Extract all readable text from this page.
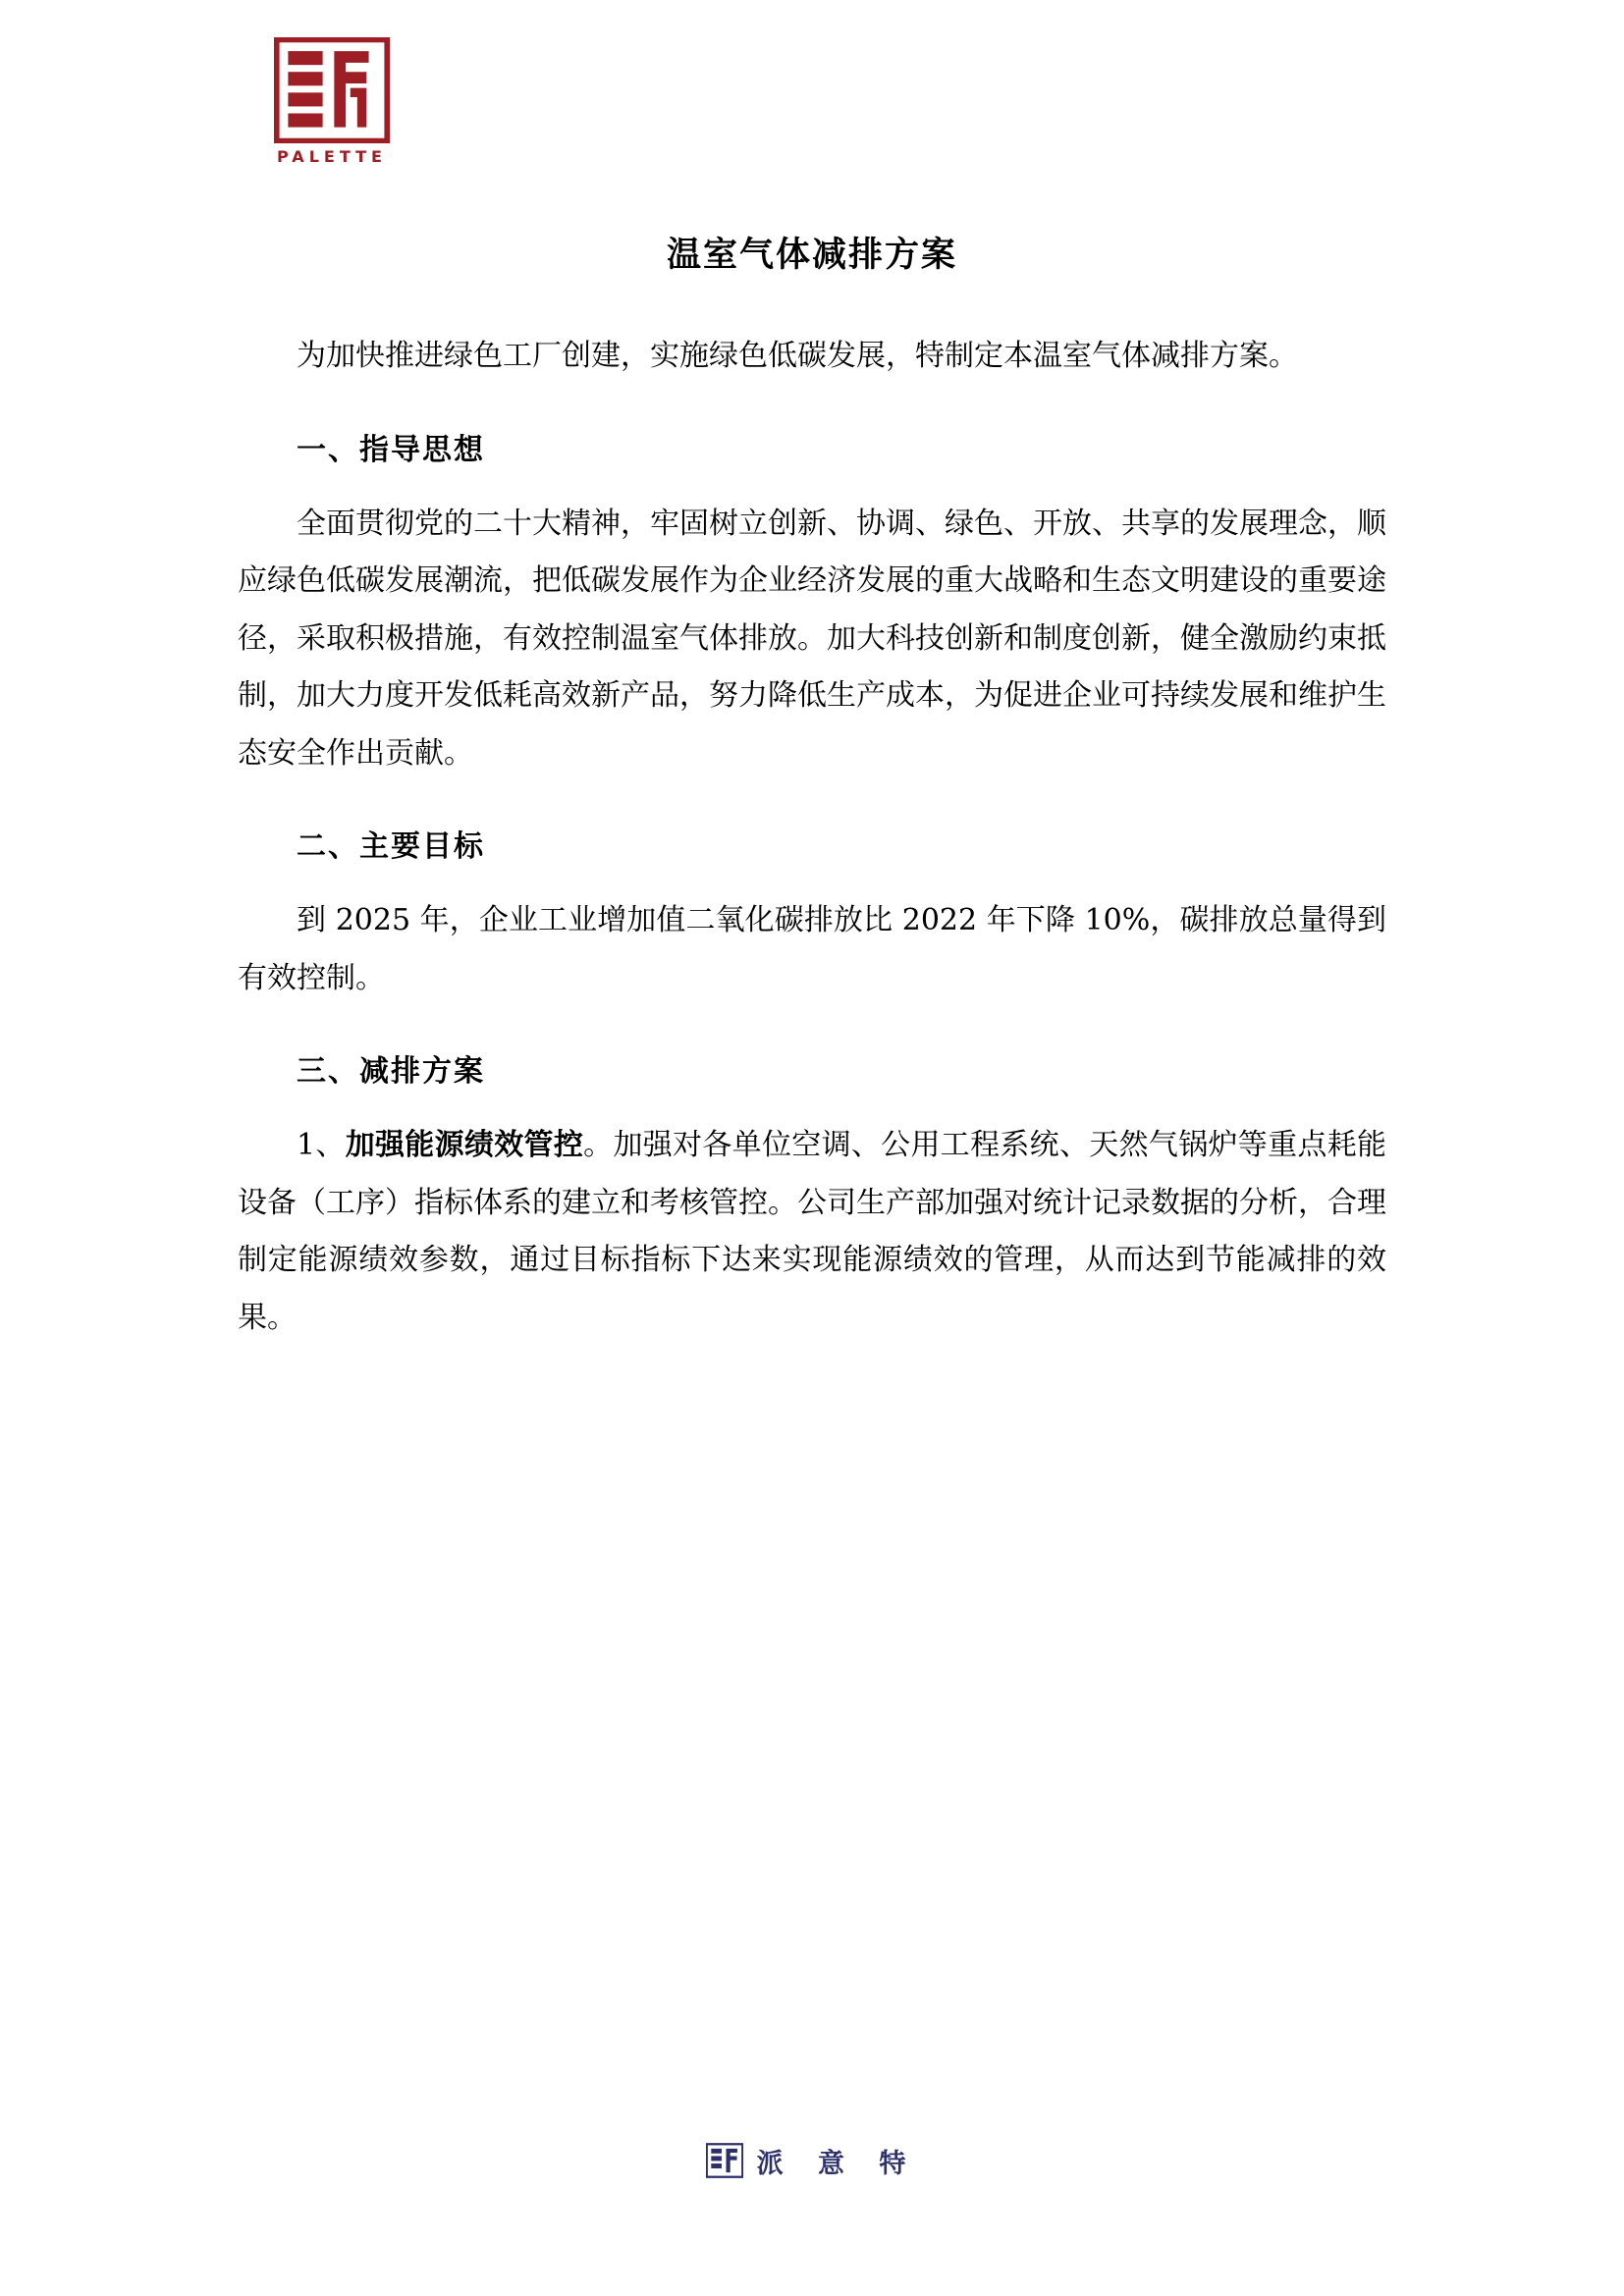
PALETTE
温室气体减排方案

为加快推进绿色工厂创建，实施绿色低碳发展，特制定本温室气体减排方案。

一、指导思想

全面贯彻党的二十大精神，牢固树立创新、协调、绿色、开放、共享的发展理念，顺应绿色低碳发展潮流，把低碳发展作为企业经济发展的重大战略和生态文明建设的重要途径，采取积极措施，有效控制温室气体排放。加大科技创新和制度创新，健全激励约束抵制，加大力度开发低耗高效新产品，努力降低生产成本，为促进企业可持续发展和维护生态安全作出贡献。

二、主要目标

到 2025 年，企业工业增加值二氧化碳排放比 2022 年下降 10%，碳排放总量得到有效控制。

三、减排方案

1、加强能源绩效管控。加强对各单位空调、公用工程系统、天然气锅炉等重点耗能设备（工序）指标体系的建立和考核管控。公司生产部加强对统计记录数据的分析，合理制定能源绩效参数，通过目标指标下达来实现能源绩效的管理，从而达到节能减排的效果。

派 意 特
